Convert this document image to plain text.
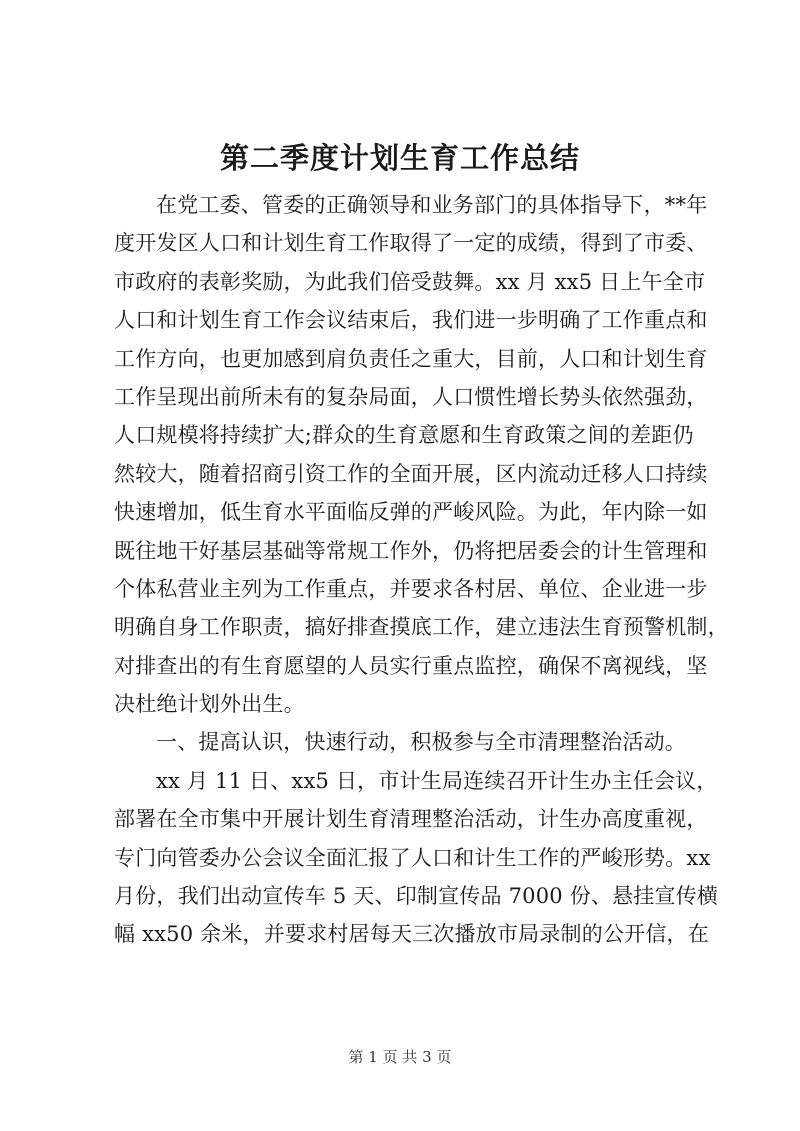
第二季度计划生育工作总结
在党工委、管委的正确领导和业务部门的具体指导下，**年
度开发区人口和计划生育工作取得了一定的成绩，得到了市委、
市政府的表彰奖励，为此我们倍受鼓舞。xx 月 xx5 日上午全市
人口和计划生育工作会议结束后，我们进一步明确了工作重点和
工作方向，也更加感到肩负责任之重大，目前，人口和计划生育
工作呈现出前所未有的复杂局面，人口惯性增长势头依然强劲，
人口规模将持续扩大;群众的生育意愿和生育政策之间的差距仍
然较大，随着招商引资工作的全面开展，区内流动迁移人口持续
快速增加，低生育水平面临反弹的严峻风险。为此，年内除一如
既往地干好基层基础等常规工作外，仍将把居委会的计生管理和
个体私营业主列为工作重点，并要求各村居、单位、企业进一步
明确自身工作职责，搞好排查摸底工作，建立违法生育预警机制，
对排查出的有生育愿望的人员实行重点监控，确保不离视线，坚
决杜绝计划外出生。
一、提高认识，快速行动，积极参与全市清理整治活动。
xx 月 11 日、xx5 日，市计生局连续召开计生办主任会议，
部署在全市集中开展计划生育清理整治活动，计生办高度重视，
专门向管委办公会议全面汇报了人口和计生工作的严峻形势。xx
月份，我们出动宣传车 5 天、印制宣传品 7000 份、悬挂宣传横
幅 xx50 余米，并要求村居每天三次播放市局录制的公开信，在
第 1 页 共 3 页
